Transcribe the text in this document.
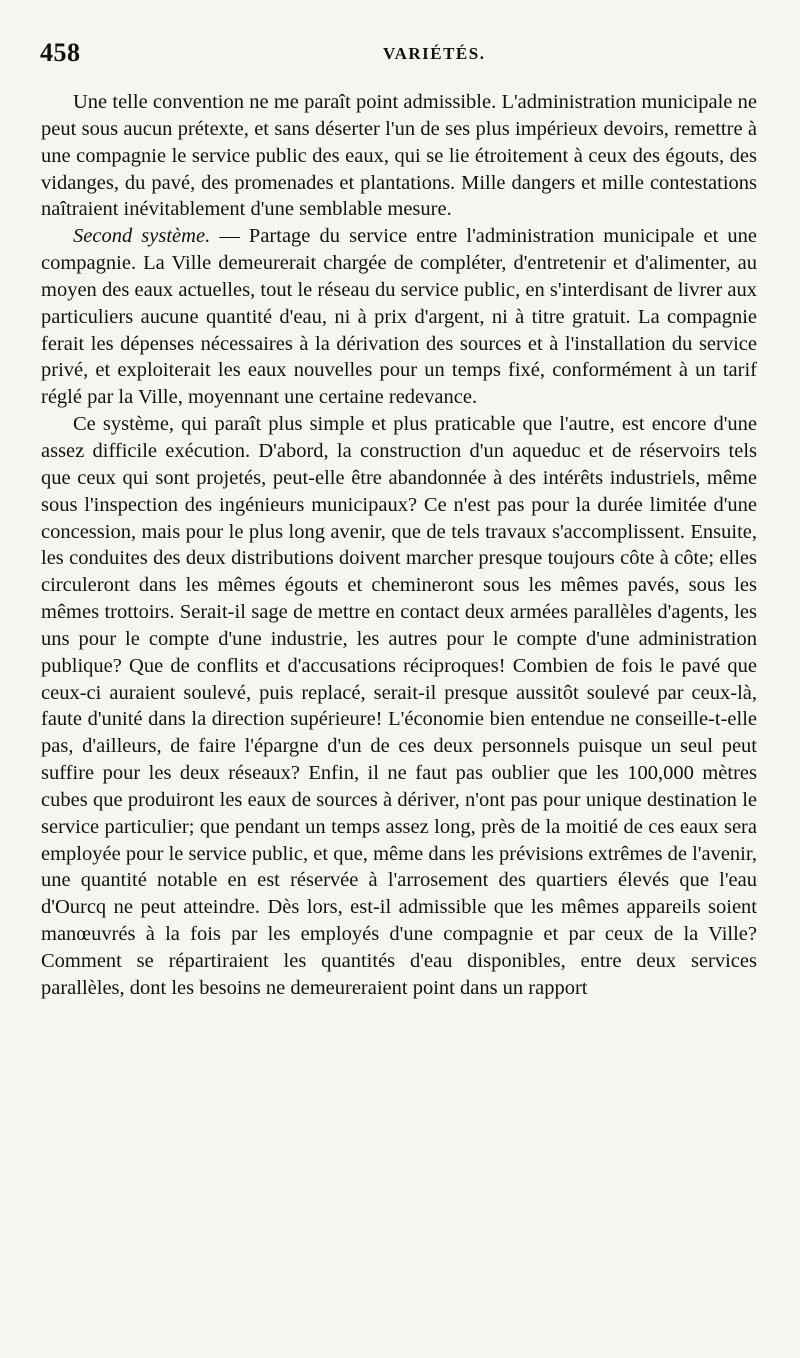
458	VARIÉTÉS.

Une telle convention ne me paraît point admissible. L'administration municipale ne peut sous aucun prétexte, et sans déserter l'un de ses plus impérieux devoirs, remettre à une compagnie le service public des eaux, qui se lie étroitement à ceux des égouts, des vidanges, du pavé, des promenades et plantations. Mille dangers et mille contestations naîtraient inévitablement d'une semblable mesure.

Second système. — Partage du service entre l'administration municipale et une compagnie. La Ville demeurerait chargée de compléter, d'entretenir et d'alimenter, au moyen des eaux actuelles, tout le réseau du service public, en s'interdisant de livrer aux particuliers aucune quantité d'eau, ni à prix d'argent, ni à titre gratuit. La compagnie ferait les dépenses nécessaires à la dérivation des sources et à l'installation du service privé, et exploiterait les eaux nouvelles pour un temps fixé, conformément à un tarif réglé par la Ville, moyennant une certaine redevance.

Ce système, qui paraît plus simple et plus praticable que l'autre, est encore d'une assez difficile exécution. D'abord, la construction d'un aqueduc et de réservoirs tels que ceux qui sont projetés, peut-elle être abandonnée à des intérêts industriels, même sous l'inspection des ingénieurs municipaux? Ce n'est pas pour la durée limitée d'une concession, mais pour le plus long avenir, que de tels travaux s'accomplissent. Ensuite, les conduites des deux distributions doivent marcher presque toujours côte à côte; elles circuleront dans les mêmes égouts et chemineront sous les mêmes pavés, sous les mêmes trottoirs. Serait-il sage de mettre en contact deux armées parallèles d'agents, les uns pour le compte d'une industrie, les autres pour le compte d'une administration publique? Que de conflits et d'accusations réciproques! Combien de fois le pavé que ceux-ci auraient soulevé, puis replacé, serait-il presque aussitôt soulevé par ceux-là, faute d'unité dans la direction supérieure! L'économie bien entendue ne conseille-t-elle pas, d'ailleurs, de faire l'épargne d'un de ces deux personnels puisque un seul peut suffire pour les deux réseaux? Enfin, il ne faut pas oublier que les 100,000 mètres cubes que produiront les eaux de sources à dériver, n'ont pas pour unique destination le service particulier; que pendant un temps assez long, près de la moitié de ces eaux sera employée pour le service public, et que, même dans les prévisions extrêmes de l'avenir, une quantité notable en est réservée à l'arrosement des quartiers élevés que l'eau d'Ourcq ne peut atteindre. Dès lors, est-il admissible que les mêmes appareils soient manœuvrés à la fois par les employés d'une compagnie et par ceux de la Ville? Comment se répartiraient les quantités d'eau disponibles, entre deux services parallèles, dont les besoins ne demeureraient point dans un rapport
